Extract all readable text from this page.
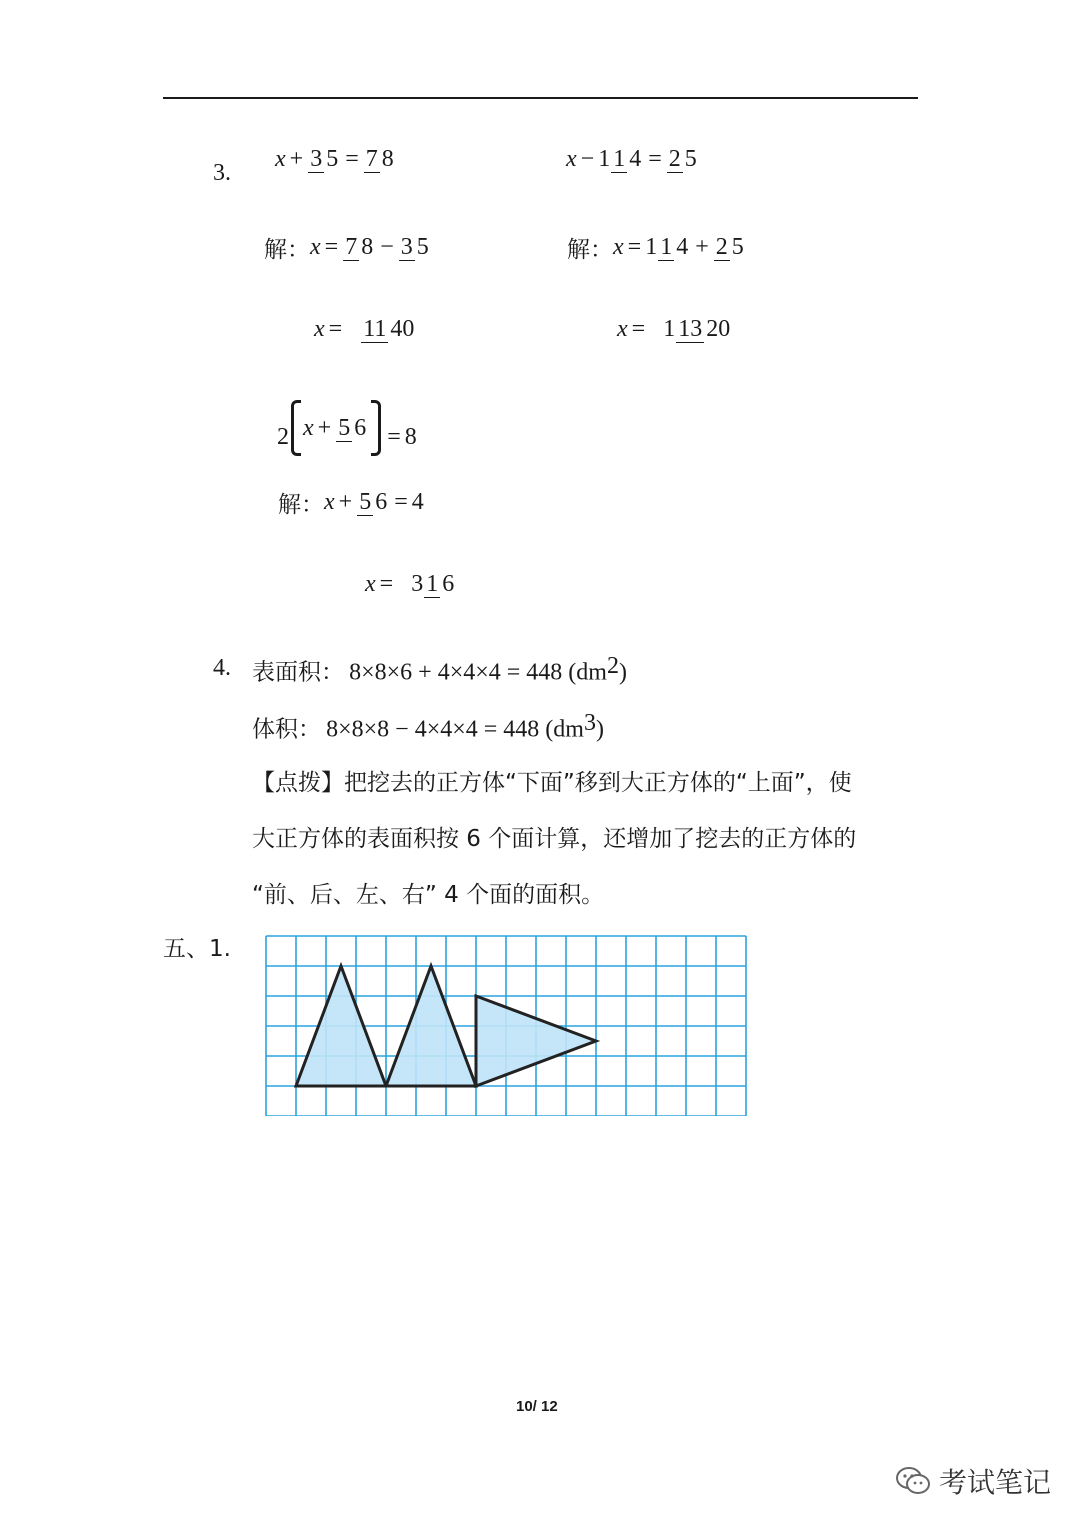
3.
x + 3 5 = 7 8	x − 1 1 4 = 2 5
解： x = 7 8 − 3 5	解： x = 1 1 4 + 2 5
x = 11 40	x = 1 13 20
2 x + 5 6 = 8
解： x + 5 6 = 4
x = 3 1 6
4. 表面积： 8×8×6 + 4×4×4 = 448 $(dm^2)$
体积： 8×8×8 − 4×4×4 = 448 $(dm^3)$
【点拨】把挖去的正方体“下面”移到大正方体的“上面”，使
大正方体的表面积按 6 个面计算，还增加了挖去的正方体的
“前、后、左、右” 4 个面的面积。
五、1.
10/ 12
考试笔记
